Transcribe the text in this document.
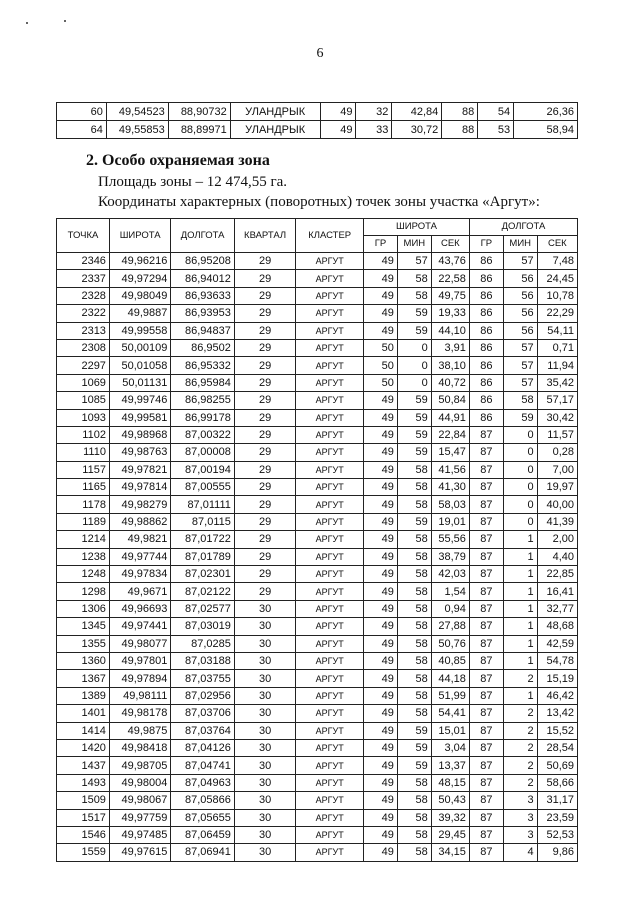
6
60	49,54523	88,90732	УЛАНДРЫК	49	32	42,84	88	54	26,36
64	49,55853	88,89971	УЛАНДРЫК	49	33	30,72	88	53	58,94
2. Особо охраняемая зона
Площадь зоны – 12 474,55 га.
Координаты характерных (поворотных) точек зоны участка «Аргут»:
ТОЧКА	ШИРОТА	ДОЛГОТА	КВАРТАЛ	КЛАСТЕР	ШИРОТА			ДОЛГОТА		
					ГР	МИН	СЕК	ГР	МИН	СЕК
2346	49,96216	86,95208	29	АРГУТ	49	57	43,76	86	57	7,48
2337	49,97294	86,94012	29	АРГУТ	49	58	22,58	86	56	24,45
2328	49,98049	86,93633	29	АРГУТ	49	58	49,75	86	56	10,78
2322	49,9887	86,93953	29	АРГУТ	49	59	19,33	86	56	22,29
2313	49,99558	86,94837	29	АРГУТ	49	59	44,10	86	56	54,11
2308	50,00109	86,9502	29	АРГУТ	50	0	3,91	86	57	0,71
2297	50,01058	86,95332	29	АРГУТ	50	0	38,10	86	57	11,94
1069	50,01131	86,95984	29	АРГУТ	50	0	40,72	86	57	35,42
1085	49,99746	86,98255	29	АРГУТ	49	59	50,84	86	58	57,17
1093	49,99581	86,99178	29	АРГУТ	49	59	44,91	86	59	30,42
1102	49,98968	87,00322	29	АРГУТ	49	59	22,84	87	0	11,57
1110	49,98763	87,00008	29	АРГУТ	49	59	15,47	87	0	0,28
1157	49,97821	87,00194	29	АРГУТ	49	58	41,56	87	0	7,00
1165	49,97814	87,00555	29	АРГУТ	49	58	41,30	87	0	19,97
1178	49,98279	87,01111	29	АРГУТ	49	58	58,03	87	0	40,00
1189	49,98862	87,0115	29	АРГУТ	49	59	19,01	87	0	41,39
1214	49,9821	87,01722	29	АРГУТ	49	58	55,56	87	1	2,00
1238	49,97744	87,01789	29	АРГУТ	49	58	38,79	87	1	4,40
1248	49,97834	87,02301	29	АРГУТ	49	58	42,03	87	1	22,85
1298	49,9671	87,02122	29	АРГУТ	49	58	1,54	87	1	16,41
1306	49,96693	87,02577	30	АРГУТ	49	58	0,94	87	1	32,77
1345	49,97441	87,03019	30	АРГУТ	49	58	27,88	87	1	48,68
1355	49,98077	87,0285	30	АРГУТ	49	58	50,76	87	1	42,59
1360	49,97801	87,03188	30	АРГУТ	49	58	40,85	87	1	54,78
1367	49,97894	87,03755	30	АРГУТ	49	58	44,18	87	2	15,19
1389	49,98111	87,02956	30	АРГУТ	49	58	51,99	87	1	46,42
1401	49,98178	87,03706	30	АРГУТ	49	58	54,41	87	2	13,42
1414	49,9875	87,03764	30	АРГУТ	49	59	15,01	87	2	15,52
1420	49,98418	87,04126	30	АРГУТ	49	59	3,04	87	2	28,54
1437	49,98705	87,04741	30	АРГУТ	49	59	13,37	87	2	50,69
1493	49,98004	87,04963	30	АРГУТ	49	58	48,15	87	2	58,66
1509	49,98067	87,05866	30	АРГУТ	49	58	50,43	87	3	31,17
1517	49,97759	87,05655	30	АРГУТ	49	58	39,32	87	3	23,59
1546	49,97485	87,06459	30	АРГУТ	49	58	29,45	87	3	52,53
1559	49,97615	87,06941	30	АРГУТ	49	58	34,15	87	4	9,86
